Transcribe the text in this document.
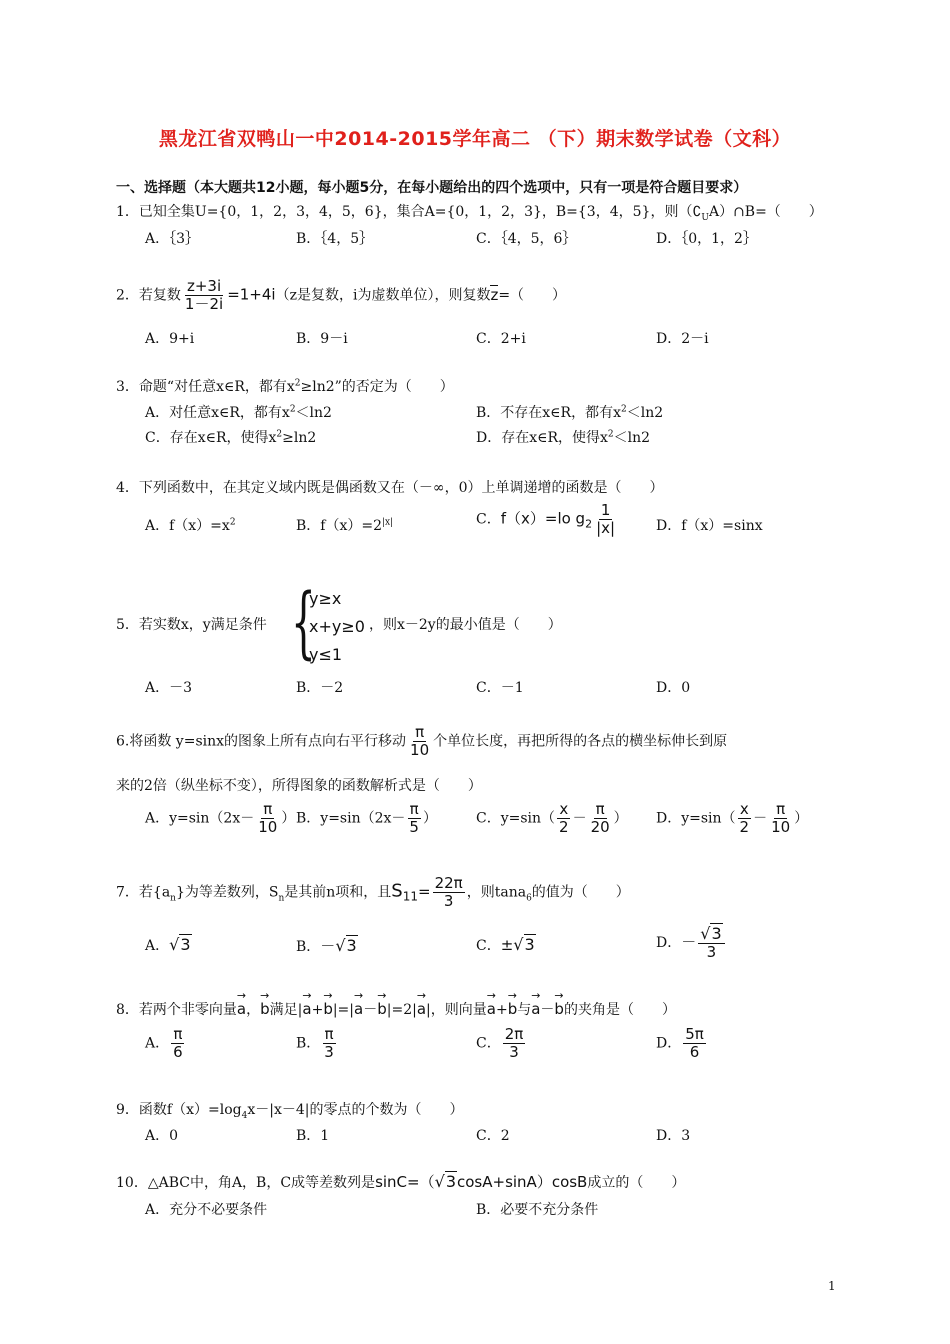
黑龙江省双鸭山一中2014-2015学年高二 （下）期末数学试卷（文科）
一、选择题（本大题共12小题，每小题5分，在每小题给出的四个选项中，只有一项是符合题目要求）
1．已知全集U={0，1，2，3，4，5，6}，集合A={0，1，2，3}，B={3，4，5}，则$(∁_UA)\cap B=$（　　）
A．｛3｝	B．｛4，5｝	C．｛4，5，6｝	D．｛0，1，2｝
2．若复数 $\frac{z+3i}{1-2i} =1+4i(z$是复数，i为虚数单位），则复数z=（　　）
A．9+i	B．9－i	C．2+i	D．2－i
3．命题“对任意x∈R，都有$x^2\ge\ln 2$”的否定为（　　）
A．对任意x∈R，都有$x^2<\ln 2$	B．不存在x∈R，都有$x^2<\ln 2$
C．存在x∈R，使得$x^2\ge\ln 2$	D．存在x∈R，使得$x^2<\ln 2$
4．下列函数中，在其定义域内既是偶函数又在（－∞，0）上单调递增的函数是（　　）
A．$f(x)=x^2$	B．$f(x)=2^{|x|}$	C．f（x）=lo $g_2 \frac{1}{|x|}$	D．f（x）=sinx
5．若实数x，y满足条件 {
y≥x
x+y≥0
y≤1
，则x－2y的最小值是（　　）
A．－3	B．－2	C．－1	D．0
6.将函数 y=sinx的图象上所有点向右平行移动 $\frac{\pi}{10}$ 个单位长度，再把所得的各点的横坐标伸长到原
来的2倍（纵坐标不变），所得图象的函数解析式是（　　）
A．$y=\sin(2x- \frac{\pi}{10}$ ） B．$y=\sin(2x- \frac{\pi}{5}$ ）	C．$y=\sin( \frac{x}{2} - \frac{\pi}{20}$ ） D．$y=\sin( \frac{x}{2} - \frac{\pi}{10}$ ）
7．若$\{a_n\}$为等差数列，$S_n$是其前n项和，且$S11= \frac{22\pi}{3}$ ，则tana$_6$的值为（　　）
A．√3	B．－√3	C．±√3	D．－ $\frac{√3}{3}$
8．若两个非零向量→ a，→ b满足|→ a+→ b|=|→ a－→ b|=2|→ a|，则向量→ a+→ b与→ a－→ b的夹角是（　　）
A． $\frac{\pi}{6}$	B． $\frac{\pi}{3}$	C． $\frac{2\pi}{3}$	D． $\frac{5\pi}{6}$
9．函数$f(x)=\log_4x-|x-4|$的零点的个数为（　　）
A．0	B．1	C．2	D．3
10．△ABC中，角A，B，C成等差数列是sinC=（√3cosA+sinA）cosB成立的（　　）
A．充分不必要条件	B．必要不充分条件
1
